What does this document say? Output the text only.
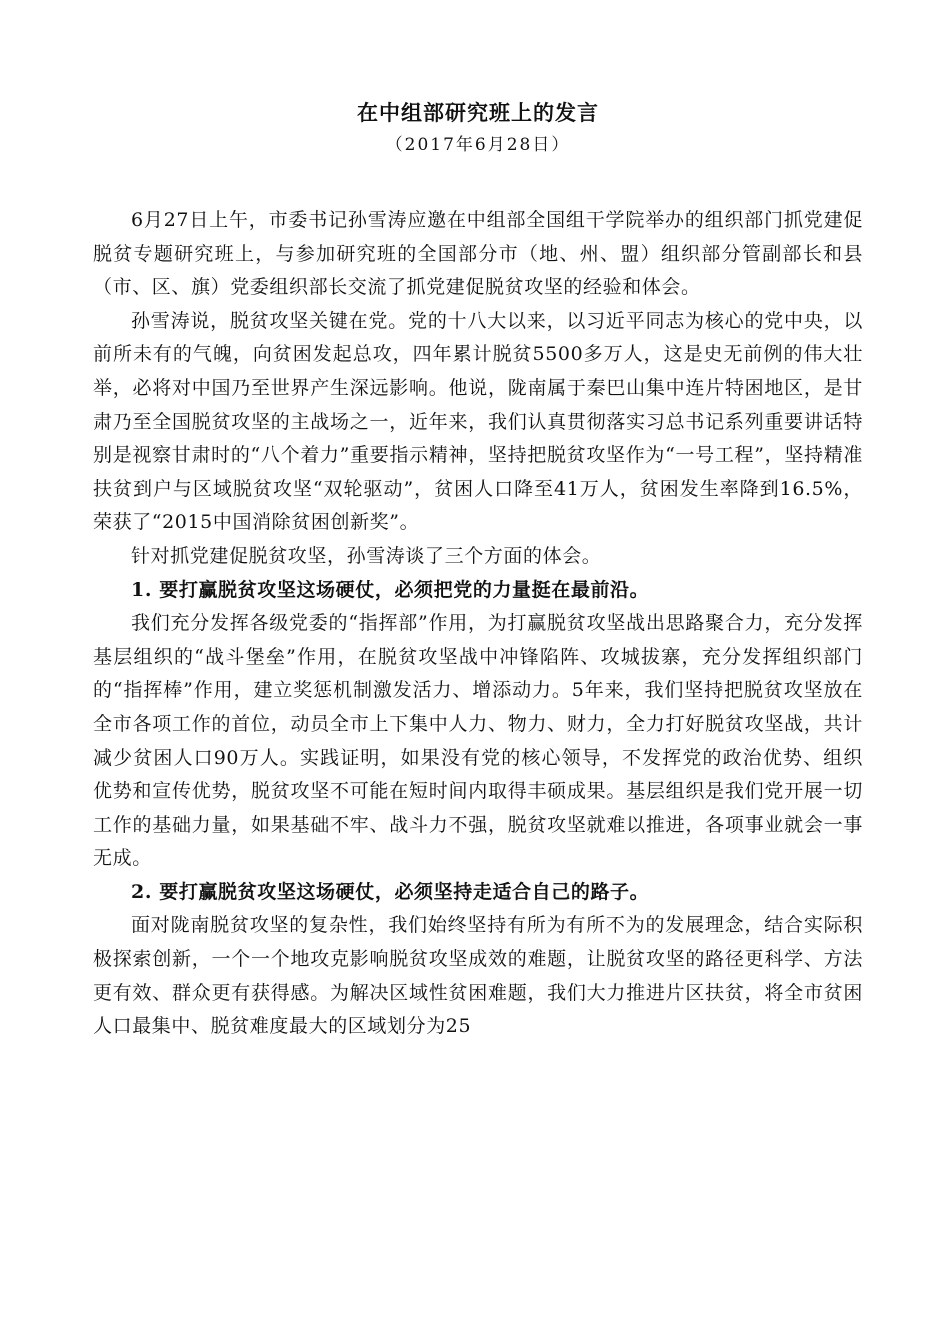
在中组部研究班上的发言

（2017年6月28日）

6月27日上午，市委书记孙雪涛应邀在中组部全国组干学院举办的组织部门抓党建促脱贫专题研究班上，与参加研究班的全国部分市（地、州、盟）组织部分管副部长和县（市、区、旗）党委组织部长交流了抓党建促脱贫攻坚的经验和体会。

孙雪涛说，脱贫攻坚关键在党。党的十八大以来，以习近平同志为核心的党中央，以前所未有的气魄，向贫困发起总攻，四年累计脱贫5500多万人，这是史无前例的伟大壮举，必将对中国乃至世界产生深远影响。他说，陇南属于秦巴山集中连片特困地区，是甘肃乃至全国脱贫攻坚的主战场之一，近年来，我们认真贯彻落实习总书记系列重要讲话特别是视察甘肃时的“八个着力”重要指示精神，坚持把脱贫攻坚作为“一号工程”，坚持精准扶贫到户与区域脱贫攻坚“双轮驱动”，贫困人口降至41万人，贫困发生率降到16.5%，荣获了“2015中国消除贫困创新奖”。

针对抓党建促脱贫攻坚，孙雪涛谈了三个方面的体会。

1. 要打赢脱贫攻坚这场硬仗，必须把党的力量挺在最前沿。

我们充分发挥各级党委的“指挥部”作用，为打赢脱贫攻坚战出思路聚合力，充分发挥基层组织的“战斗堡垒”作用，在脱贫攻坚战中冲锋陷阵、攻城拔寨，充分发挥组织部门的“指挥棒”作用，建立奖惩机制激发活力、增添动力。5年来，我们坚持把脱贫攻坚放在全市各项工作的首位，动员全市上下集中人力、物力、财力，全力打好脱贫攻坚战，共计减少贫困人口90万人。实践证明，如果没有党的核心领导，不发挥党的政治优势、组织优势和宣传优势，脱贫攻坚不可能在短时间内取得丰硕成果。基层组织是我们党开展一切工作的基础力量，如果基础不牢、战斗力不强，脱贫攻坚就难以推进，各项事业就会一事无成。

2. 要打赢脱贫攻坚这场硬仗，必须坚持走适合自己的路子。

面对陇南脱贫攻坚的复杂性，我们始终坚持有所为有所不为的发展理念，结合实际积极探索创新，一个一个地攻克影响脱贫攻坚成效的难题，让脱贫攻坚的路径更科学、方法更有效、群众更有获得感。为解决区域性贫困难题，我们大力推进片区扶贫，将全市贫困人口最集中、脱贫难度最大的区域划分为25
